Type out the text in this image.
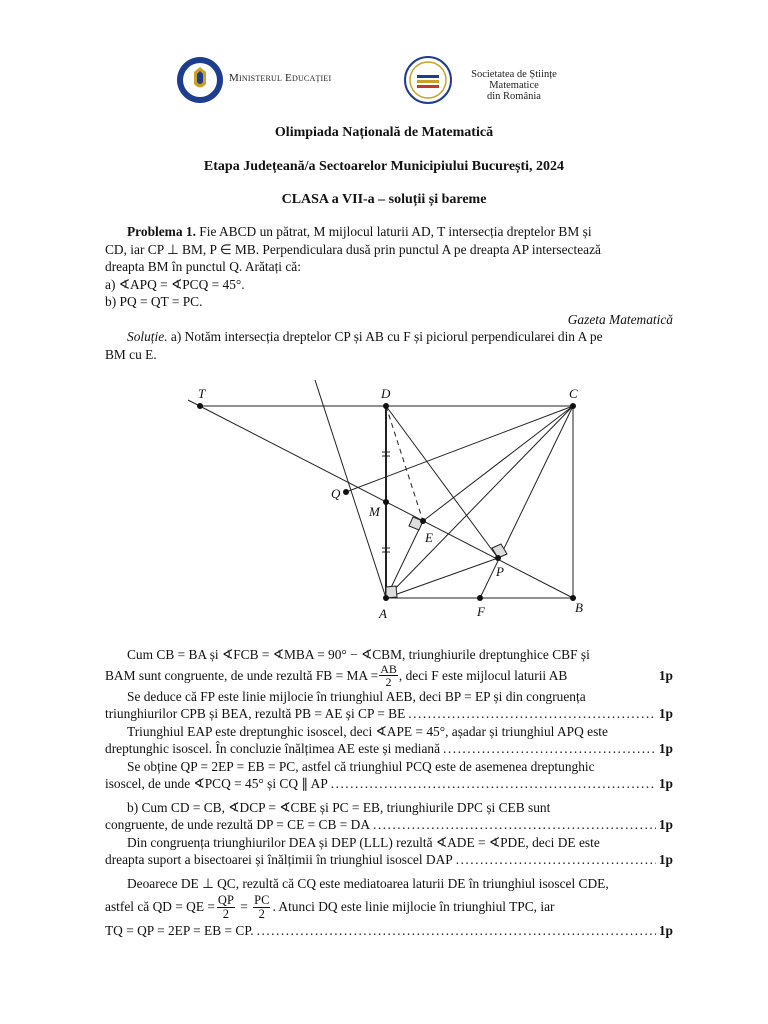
Ministerul Educației	Societatea de Științe Matematice
din România
Olimpiada Națională de Matematică
Etapa Județeană/a Sectoarelor Municipiului București, 2024
CLASA a VII-a – soluții și bareme
Problema 1. Fie ABCD un pătrat, M mijlocul laturii AD, T intersecția dreptelor BM și
CD, iar CP ⊥ BM, P ∈ MB. Perpendiculara dusă prin punctul A pe dreapta AP intersectează
dreapta BM în punctul Q. Arătați că:
a) ∢APQ = ∢PCQ = 45°.
b) PQ = QT = PC.
Gazeta Matematică
Soluție. a) Notăm intersecția dreptelor CP și AB cu F și piciorul perpendicularei din A pe
BM cu E.
T	D	C
Q
M
E
P
A	F	B
Cum CB = BA și ∢FCB = ∢MBA = 90° − ∢CBM, triunghiurile dreptunghice CBF și
BAM sunt congruente, de unde rezultă FB = MA = $\frac{AB}{2}$ , deci F este mijlocul laturii AB	1p
Se deduce că FP este linie mijlocie în triunghiul AEB, deci BP = EP și din congruența
triunghiurilor CPB și BEA, rezultă PB = AE și CP = BE .....	1p
Triunghiul EAP este dreptunghic isoscel, deci ∢APE = 45°, așadar și triunghiul APQ este
dreptunghic isoscel. În concluzie înălțimea AE este și mediană .....	1p
Se obține QP = 2EP = EB = PC, astfel că triunghiul PCQ este de asemenea dreptunghic
isoscel, de unde ∢PCQ = 45° și CQ ∥ AP .....	1p
b) Cum CD = CB, ∢DCP = ∢CBE și PC = EB, triunghiurile DPC și CEB sunt
congruente, de unde rezultă DP = CE = CB = DA .....	1p
Din congruența triunghiurilor DEA și DEP (LLL) rezultă ∢ADE = ∢PDE, deci DE este
dreapta suport a bisectoarei și înălțimii în triunghiul isoscel DAP .....	1p
Deoarece DE ⊥ QC, rezultă că CQ este mediatoarea laturii DE în triunghiul isoscel CDE,
astfel că QD = QE = $\frac{QP}{2} = \frac{PC}{2}$ . Atunci DQ este linie mijlocie în triunghiul TPC, iar
TQ = QP = 2EP = EB = CP. .....	1p
